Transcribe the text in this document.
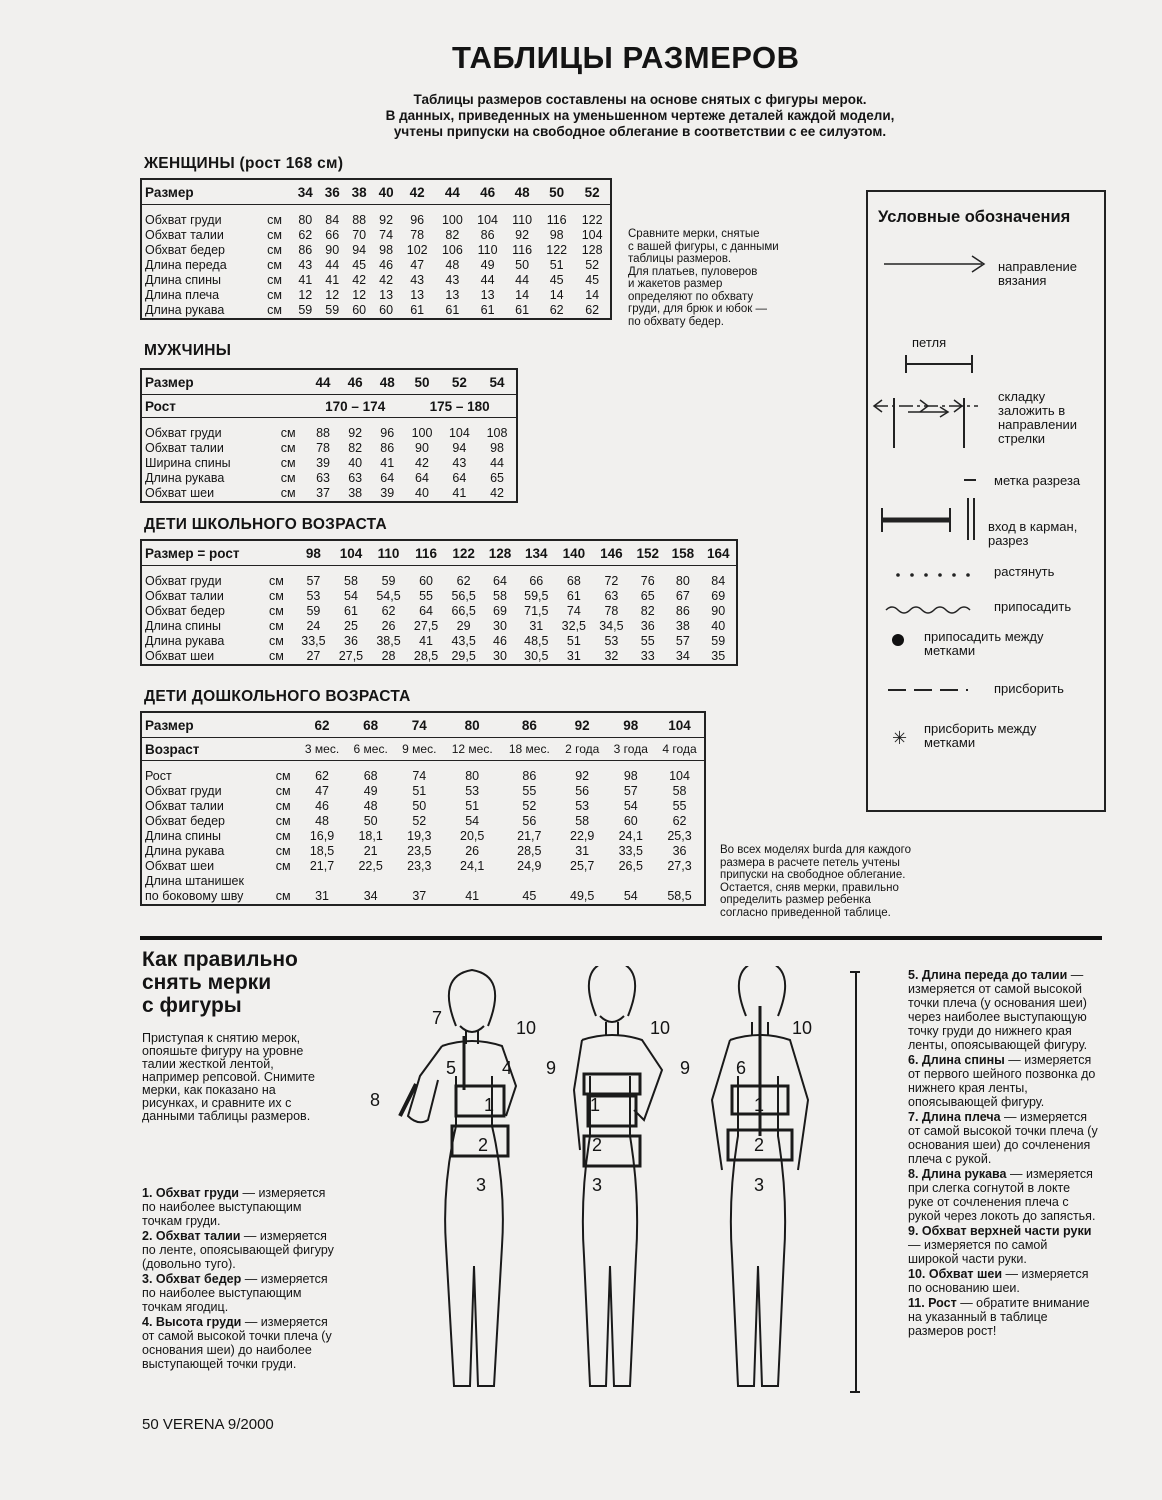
ТАБЛИЦЫ РАЗМЕРОВ
Таблицы размеров составлены на основе снятых с фигуры мерок.
В данных, приведенных на уменьшенном чертеже деталей каждой модели,
учтены припуски на свободное облегание в соответствии с ее силуэтом.
ЖЕНЩИНЫ (рост 168 см)
Размер		34	36	38	40	42	44	46	48	50	52

Обхват груди	см	80	84	88	92	96	100	104	110	116	122
Обхват талии	см	62	66	70	74	78	82	86	92	98	104
Обхват бедер	см	86	90	94	98	102	106	110	116	122	128
Длина переда	см	43	44	45	46	47	48	49	50	51	52
Длина спины	см	41	41	42	42	43	43	44	44	45	45
Длина плеча	см	12	12	12	13	13	13	13	14	14	14
Длина рукава	см	59	59	60	60	61	61	61	61	62	62
Сравните мерки, снятые
с вашей фигуры, с данными
таблицы размеров.
Для платьев, пуловеров
и жакетов размер
определяют по обхвату
груди, для брюк и юбок —
по обхвату бедер.
МУЖЧИНЫ
Размер		44	46	48	50	52	54
Рост		170 – 174			175 – 180		

Обхват груди	см	88	92	96	100	104	108
Обхват талии	см	78	82	86	90	94	98
Ширина спины	см	39	40	41	42	43	44
Длина рукава	см	63	63	64	64	64	65
Обхват шеи	см	37	38	39	40	41	42
ДЕТИ ШКОЛЬНОГО ВОЗРАСТА
Размер = рост		98	104	110	116	122	128	134	140	146	152	158	164

Обхват груди	см	57	58	59	60	62	64	66	68	72	76	80	84
Обхват талии	см	53	54	54,5	55	56,5	58	59,5	61	63	65	67	69
Обхват бедер	см	59	61	62	64	66,5	69	71,5	74	78	82	86	90
Длина спины	см	24	25	26	27,5	29	30	31	32,5	34,5	36	38	40
Длина рукава	см	33,5	36	38,5	41	43,5	46	48,5	51	53	55	57	59
Обхват шеи	см	27	27,5	28	28,5	29,5	30	30,5	31	32	33	34	35
ДЕТИ ДОШКОЛЬНОГО ВОЗРАСТА
Размер		62	68	74	80	86	92	98	104
Возраст		3 мес.	6 мес.	9 мес.	12 мес.	18 мес.	2 года	3 года	4 года

Рост	см	62	68	74	80	86	92	98	104
Обхват груди	см	47	49	51	53	55	56	57	58
Обхват талии	см	46	48	50	51	52	53	54	55
Обхват бедер	см	48	50	52	54	56	58	60	62
Длина спины	см	16,9	18,1	19,3	20,5	21,7	22,9	24,1	25,3
Длина рукава	см	18,5	21	23,5	26	28,5	31	33,5	36
Обхват шеи	см	21,7	22,5	23,3	24,1	24,9	25,7	26,5	27,3
Длина штанишек									
по боковому шву	см	31	34	37	41	45	49,5	54	58,5
Во всех моделях burda для каждого
размера в расчете петель учтены
припуски на свободное облегание.
Остается, сняв мерки, правильно
определить размер ребенка
согласно приведенной таблице.
Условные обозначения
✳
направление вязания
петля
складку заложить в направлении стрелки
метка разреза
вход в карман, разрез
растянуть
припосадить
припосадить между метками
присборить
присборить между метками
Как правильно
снять мерки
с фигуры
Приступая к снятию мерок, опояшьте фигуру на уровне талии жесткой лентой, например репсовой. Снимите мерки, как показано на рисунках, и сравните их с данными таблицы размеров.

1. Обхват груди — измеряется по наиболее выступающим точкам груди.

2. Обхват талии — измеряется по ленте, опоясывающей фигуру (довольно туго).

3. Обхват бедер — измеряется по наиболее выступающим точкам ягодиц.

4. Высота груди — измеряется от самой высокой точки плеча (у основания шеи) до наиболее выступающей точки груди.

5. Длина переда до талии — измеряется от самой высокой точки плеча (у основания шеи) через наиболее выступающую точку груди до нижнего края ленты, опоясывающей фигуру.

6. Длина спины — измеряется от первого шейного позвонка до нижнего края ленты, опоясывающей фигуру.

7. Длина плеча — измеряется от самой высокой точки плеча (у основания шеи) до сочленения плеча с рукой.

8. Длина рукава — измеряется при слегка согнутой в локте руке от сочленения плеча с рукой через локоть до запястья.

9. Обхват верхней части руки — измеряется по самой широкой части руки.

10. Обхват шеи — измеряется по основанию шеи.

11. Рост — обратите внимание на указанный в таблице размеров рост!

1
2
3
4
5	6
7
8
9
10	10	10
1
2
3
9
1
2
3
50 VERENA 9/2000
